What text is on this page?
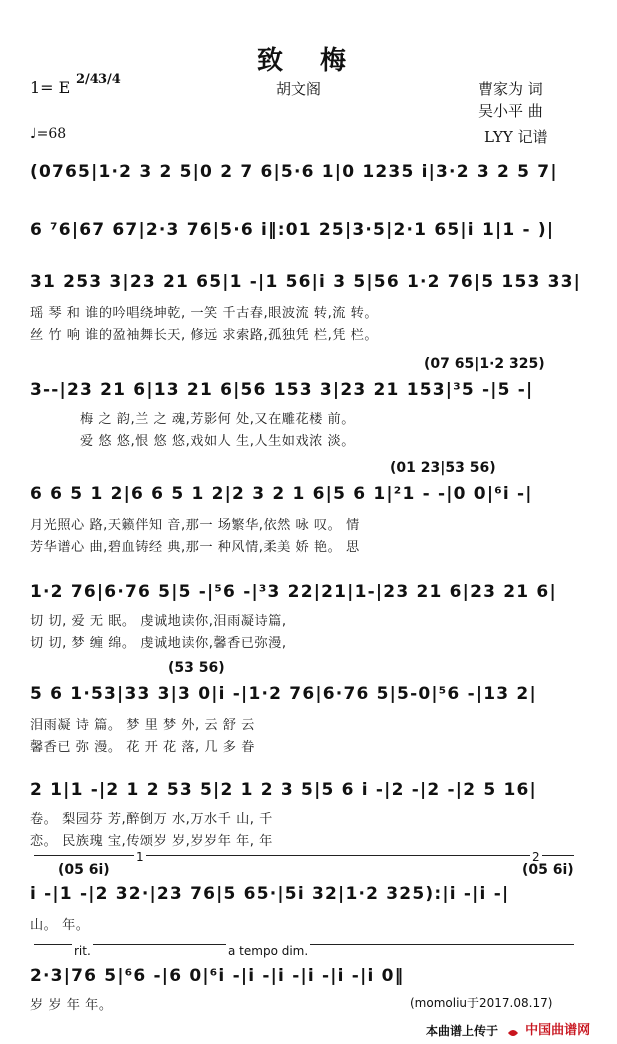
致 梅
1= E 2/4 3/4
胡文阁	曹家为 词
吴小平 曲
♩=68	LYY 记谱
(0765|1·2 3 2 5|0 2 7 6|5·6 1|0 1235 i|3·2 3 2 5 7|
6 ⁷6|67 67|2·3 76|5·6 i‖:01 25|3·5|2·1 65|i 1|1 - )|
31 253 3|23 21 65|1 -|1 56|i 3 5|56 1·2 76|5 153 33|
瑶 琴 和 谁的吟唱绕坤乾, 一笑 千古春,眼波流 转,流 转。
丝 竹 响 谁的盈袖舞长天, 修远 求索路,孤独凭 栏,凭 栏。
(07 65|1·2 325)
3--|23 21 6|13 21 6|56 153 3|23 21 153|³5 -|5 -|
梅 之 韵,兰 之 魂,芳影何 处,又在雕花楼 前。
爱 悠 悠,恨 悠 悠,戏如人 生,人生如戏浓 淡。
(01 23|53 56)
6 6 5 1 2|6 6 5 1 2|2 3 2 1 6|5 6 1|²1 - -|0 0|⁶i -|
月光照心 路,天籁伴知 音,那一 场繁华,依然 咏 叹。 情
芳华谱心 曲,碧血铸经 典,那一 种风情,柔美 娇 艳。 思
1·2 76|6·76 5|5 -|⁵6 -|³3 22|21|1-|23 21 6|23 21 6|
切 切, 爱 无 眠。 虔诚地读你,泪雨凝诗篇,
切 切, 梦 缠 绵。 虔诚地读你,馨香已弥漫,
(53 56)
5 6 1·53|33 3|3 0|i -|1·2 76|6·76 5|5-0|⁵6 -|13 2|
泪雨凝 诗 篇。 梦 里 梦 外, 云 舒 云
馨香已 弥 漫。 花 开 花 落, 几 多 眷
2 1|1 -|2 1 2 53 5|2 1 2 3 5|5 6 i -|2 -|2 -|2 5 16|
卷。 梨园芬 芳,醉倒万 水,万水千 山, 千
恋。 民族瑰 宝,传颂岁 岁,岁岁年 年, 年
1	2
(05 6i)	(05 6i)
i -|1 -|2 32·|23 76|5 65·|5i 32|1·2 325):|i -|i -|
山。 年。
rit.	a tempo dim.
2·3|76 5|⁶6 -|6 0|⁶i -|i -|i -|i -|i -|i 0‖
岁 岁 年 年。	(momoliu于2017.08.17)
本曲谱上传于	中国曲谱网
